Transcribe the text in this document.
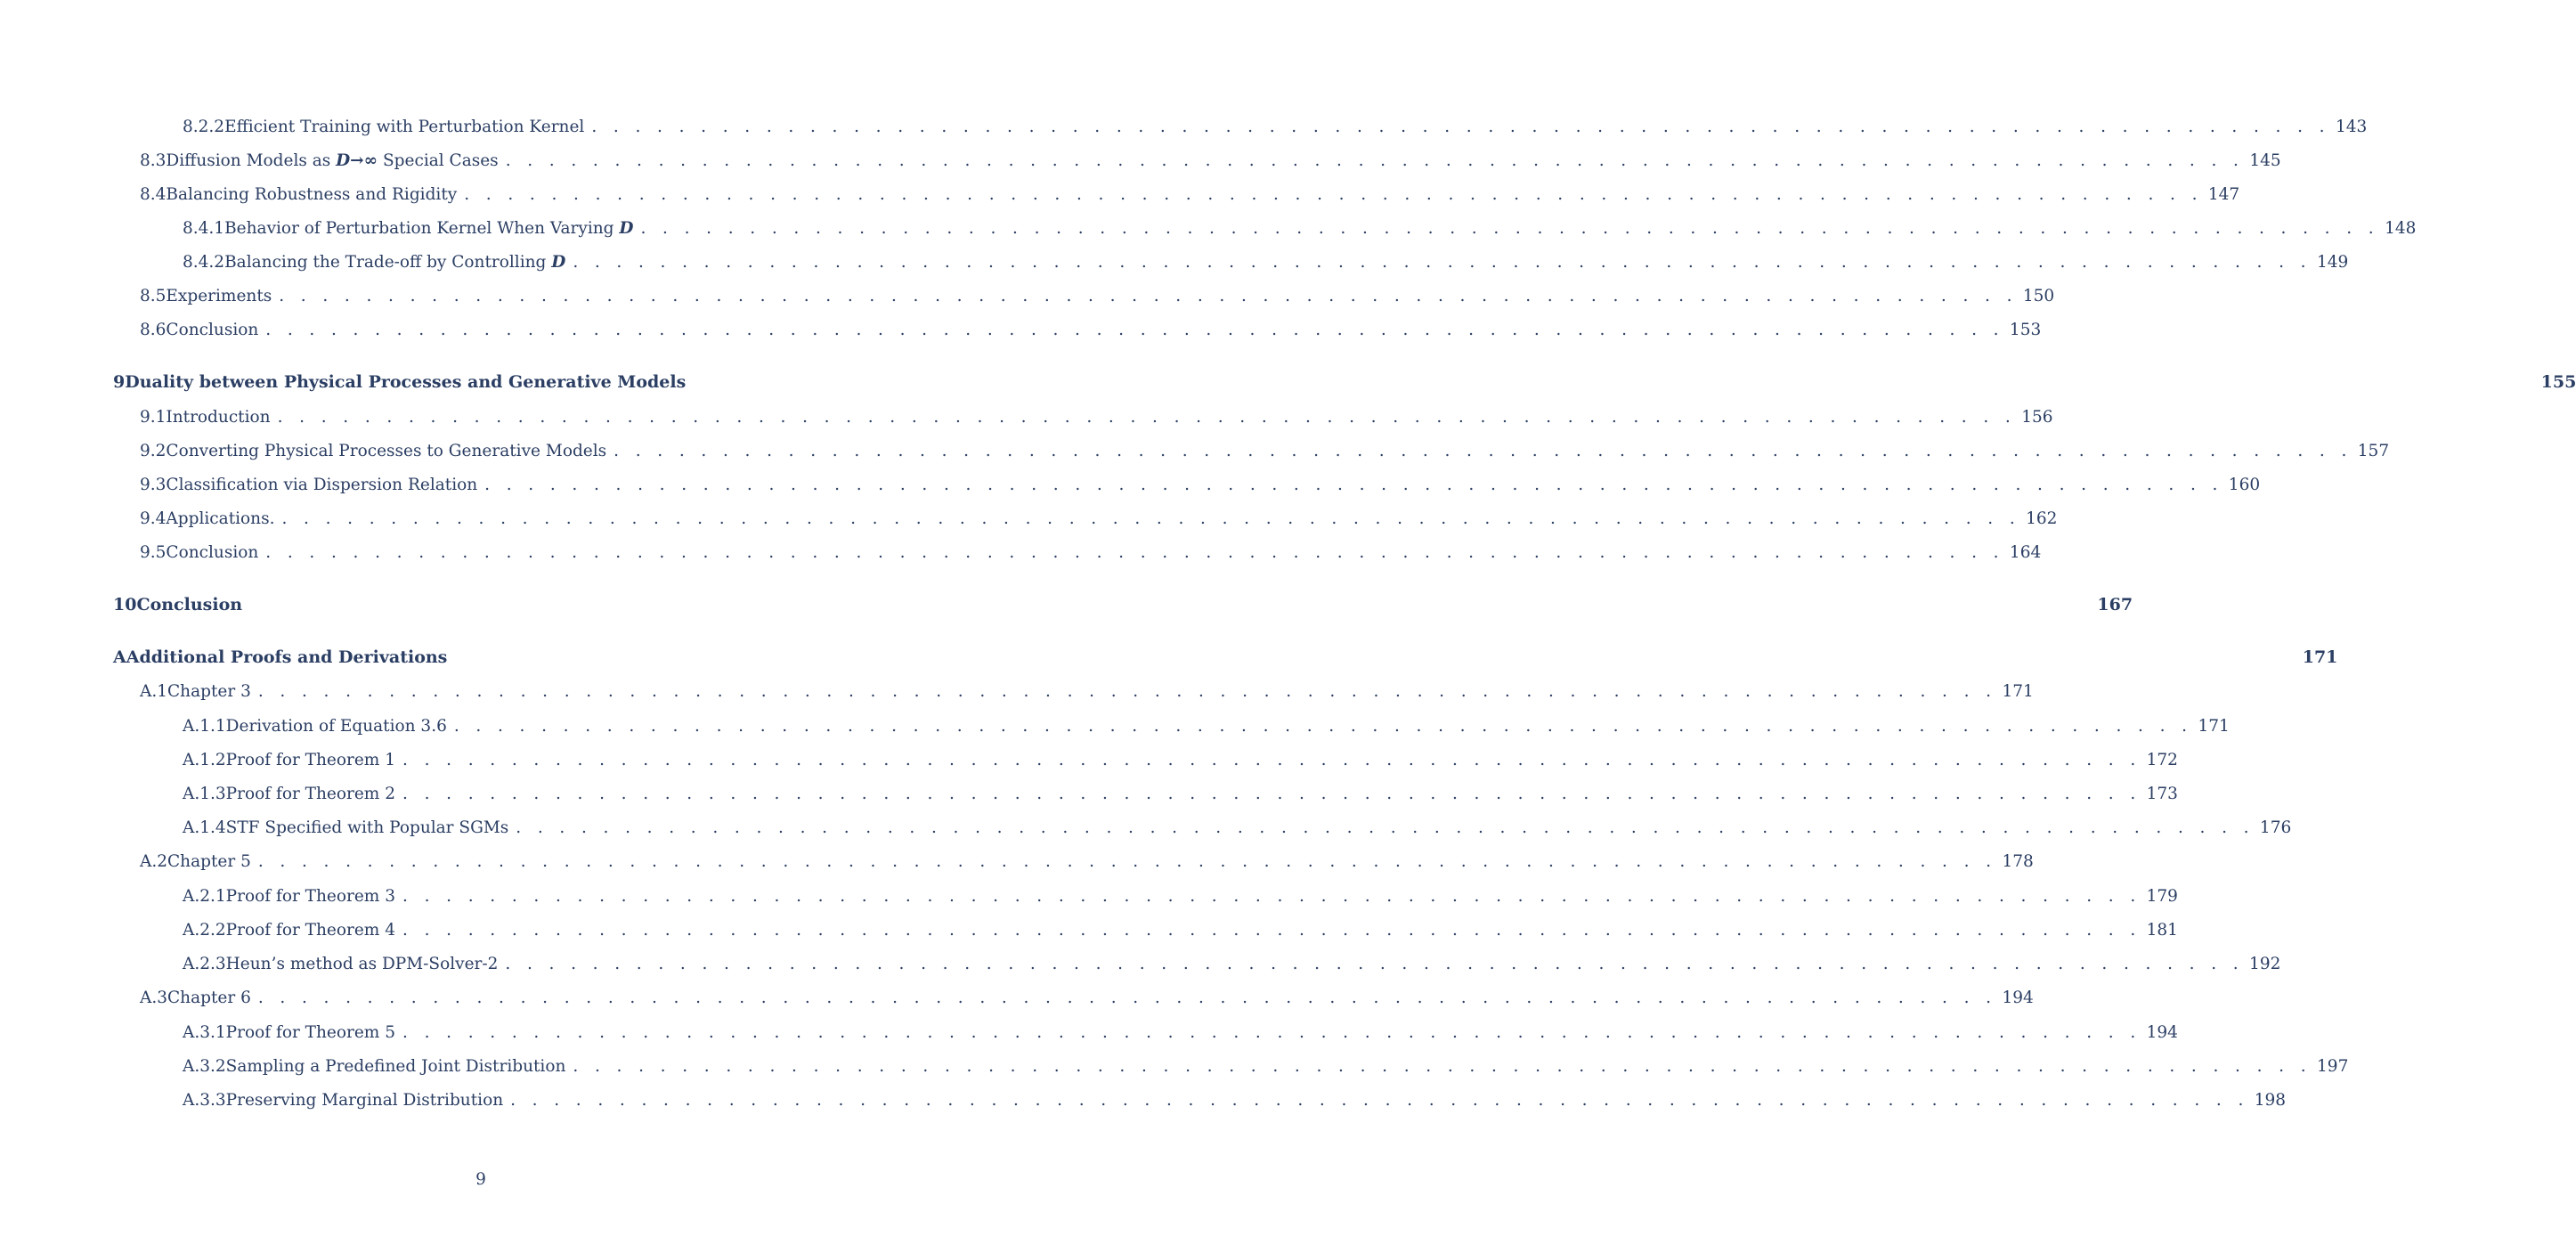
8.2.2 Efficient Training with Perturbation Kernel . . . . . . . . . . . . . . . . . . . . . . . . . . . . . . . . . . . . . . . . . . . . . . . . . . . . . . . . . . . . . . . . . . . . . . . . . . . . . . . . 143
8.3 Diffusion Models as D→∞ Special Cases . . . . . . . . . . . . . . . . . . . . . . . . . . . . . . . . . . . . . . . . . . . . . . . . . . . . . . . . . . . . . . . . . . . . . . . . . . . . . . . . 145
8.4 Balancing Robustness and Rigidity . . . . . . . . . . . . . . . . . . . . . . . . . . . . . . . . . . . . . . . . . . . . . . . . . . . . . . . . . . . . . . . . . . . . . . . . . . . . . . . . 147
8.4.1 Behavior of Perturbation Kernel When Varying D . . . . . . . . . . . . . . . . . . . . . . . . . . . . . . . . . . . . . . . . . . . . . . . . . . . . . . . . . . . . . . . . . . . . . . . . . . . . . . . . 148
8.4.2 Balancing the Trade-off by Controlling D . . . . . . . . . . . . . . . . . . . . . . . . . . . . . . . . . . . . . . . . . . . . . . . . . . . . . . . . . . . . . . . . . . . . . . . . . . . . . . . . 149
8.5 Experiments . . . . . . . . . . . . . . . . . . . . . . . . . . . . . . . . . . . . . . . . . . . . . . . . . . . . . . . . . . . . . . . . . . . . . . . . . . . . . . . . 150
8.6 Conclusion . . . . . . . . . . . . . . . . . . . . . . . . . . . . . . . . . . . . . . . . . . . . . . . . . . . . . . . . . . . . . . . . . . . . . . . . . . . . . . . . 153
9 Duality between Physical Processes and Generative Models	155
9.1 Introduction . . . . . . . . . . . . . . . . . . . . . . . . . . . . . . . . . . . . . . . . . . . . . . . . . . . . . . . . . . . . . . . . . . . . . . . . . . . . . . . . 156
9.2 Converting Physical Processes to Generative Models . . . . . . . . . . . . . . . . . . . . . . . . . . . . . . . . . . . . . . . . . . . . . . . . . . . . . . . . . . . . . . . . . . . . . . . . . . . . . . . . 157
9.3 Classification via Dispersion Relation . . . . . . . . . . . . . . . . . . . . . . . . . . . . . . . . . . . . . . . . . . . . . . . . . . . . . . . . . . . . . . . . . . . . . . . . . . . . . . . . 160
9.4 Applications. . . . . . . . . . . . . . . . . . . . . . . . . . . . . . . . . . . . . . . . . . . . . . . . . . . . . . . . . . . . . . . . . . . . . . . . . . . . . . . . . 162
9.5 Conclusion . . . . . . . . . . . . . . . . . . . . . . . . . . . . . . . . . . . . . . . . . . . . . . . . . . . . . . . . . . . . . . . . . . . . . . . . . . . . . . . . 164
10 Conclusion	167
A Additional Proofs and Derivations	171
A.1 Chapter 3 . . . . . . . . . . . . . . . . . . . . . . . . . . . . . . . . . . . . . . . . . . . . . . . . . . . . . . . . . . . . . . . . . . . . . . . . . . . . . . . . 171
A.1.1 Derivation of Equation 3.6 . . . . . . . . . . . . . . . . . . . . . . . . . . . . . . . . . . . . . . . . . . . . . . . . . . . . . . . . . . . . . . . . . . . . . . . . . . . . . . . . 171
A.1.2 Proof for Theorem 1 . . . . . . . . . . . . . . . . . . . . . . . . . . . . . . . . . . . . . . . . . . . . . . . . . . . . . . . . . . . . . . . . . . . . . . . . . . . . . . . . 172
A.1.3 Proof for Theorem 2 . . . . . . . . . . . . . . . . . . . . . . . . . . . . . . . . . . . . . . . . . . . . . . . . . . . . . . . . . . . . . . . . . . . . . . . . . . . . . . . . 173
A.1.4 STF Specified with Popular SGMs . . . . . . . . . . . . . . . . . . . . . . . . . . . . . . . . . . . . . . . . . . . . . . . . . . . . . . . . . . . . . . . . . . . . . . . . . . . . . . . . 176
A.2 Chapter 5 . . . . . . . . . . . . . . . . . . . . . . . . . . . . . . . . . . . . . . . . . . . . . . . . . . . . . . . . . . . . . . . . . . . . . . . . . . . . . . . . 178
A.2.1 Proof for Theorem 3 . . . . . . . . . . . . . . . . . . . . . . . . . . . . . . . . . . . . . . . . . . . . . . . . . . . . . . . . . . . . . . . . . . . . . . . . . . . . . . . . 179
A.2.2 Proof for Theorem 4 . . . . . . . . . . . . . . . . . . . . . . . . . . . . . . . . . . . . . . . . . . . . . . . . . . . . . . . . . . . . . . . . . . . . . . . . . . . . . . . . 181
A.2.3 Heun’s method as DPM-Solver-2 . . . . . . . . . . . . . . . . . . . . . . . . . . . . . . . . . . . . . . . . . . . . . . . . . . . . . . . . . . . . . . . . . . . . . . . . . . . . . . . . 192
A.3 Chapter 6 . . . . . . . . . . . . . . . . . . . . . . . . . . . . . . . . . . . . . . . . . . . . . . . . . . . . . . . . . . . . . . . . . . . . . . . . . . . . . . . . 194
A.3.1 Proof for Theorem 5 . . . . . . . . . . . . . . . . . . . . . . . . . . . . . . . . . . . . . . . . . . . . . . . . . . . . . . . . . . . . . . . . . . . . . . . . . . . . . . . . 194
A.3.2 Sampling a Predefined Joint Distribution . . . . . . . . . . . . . . . . . . . . . . . . . . . . . . . . . . . . . . . . . . . . . . . . . . . . . . . . . . . . . . . . . . . . . . . . . . . . . . . . 197
A.3.3 Preserving Marginal Distribution . . . . . . . . . . . . . . . . . . . . . . . . . . . . . . . . . . . . . . . . . . . . . . . . . . . . . . . . . . . . . . . . . . . . . . . . . . . . . . . . 198
9
